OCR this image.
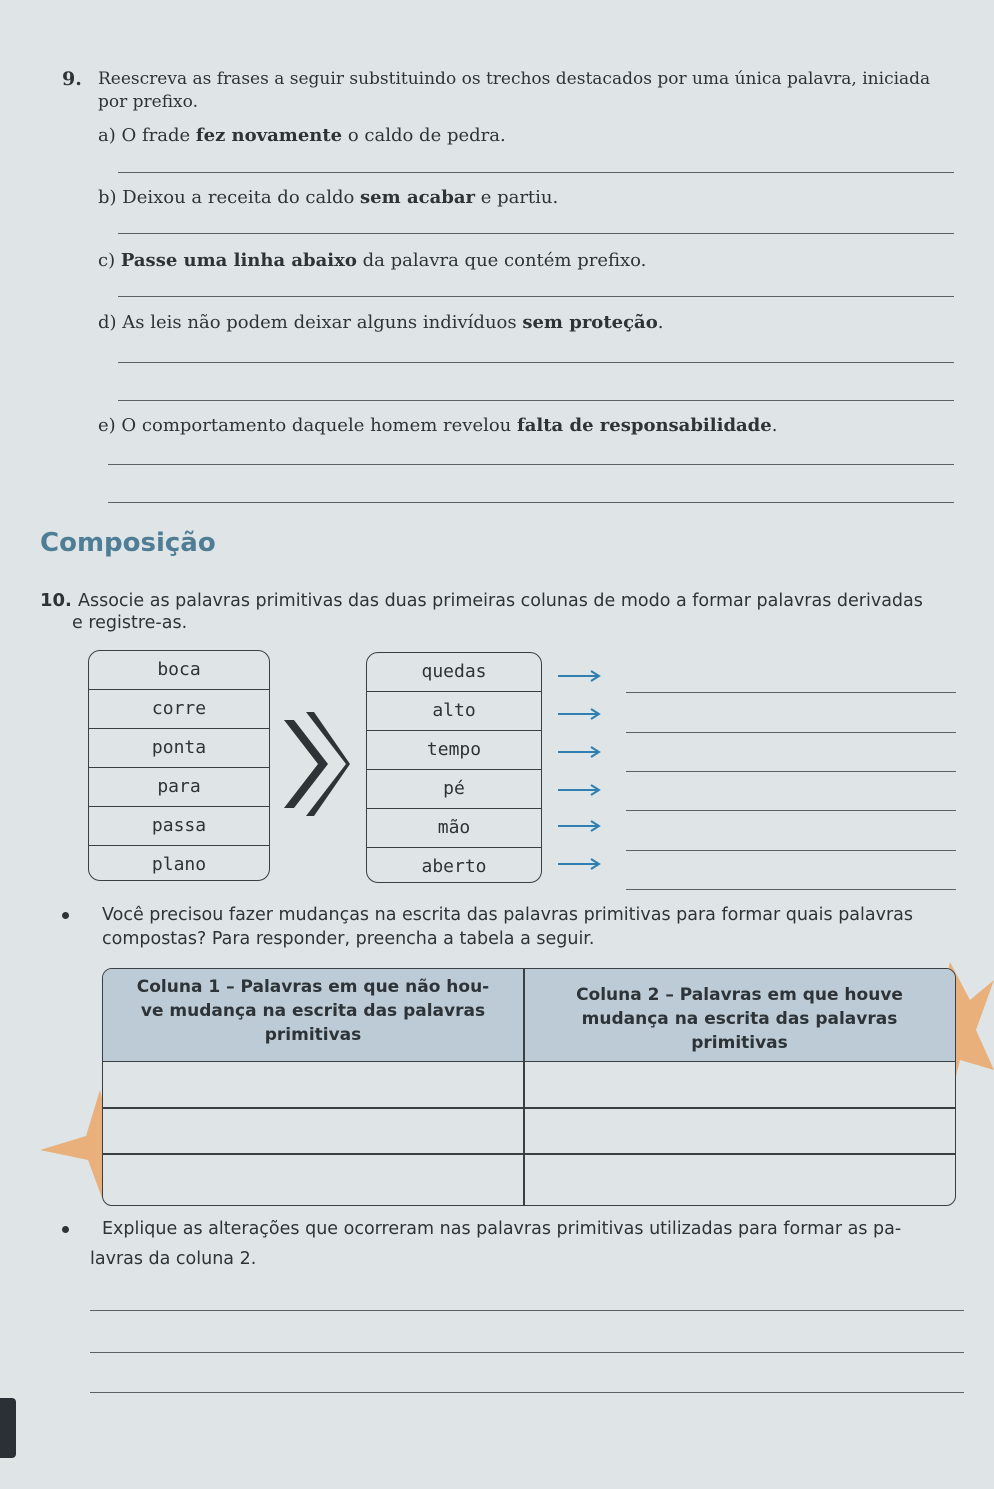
9. Reescreva as frases a seguir substituindo os trechos destacados por uma única palavra, iniciada
por prefixo.
a) O frade fez novamente o caldo de pedra.
b) Deixou a receita do caldo sem acabar e partiu.
c) Passe uma linha abaixo da palavra que contém prefixo.
d) As leis não podem deixar alguns indivíduos sem proteção.
e) O comportamento daquele homem revelou falta de responsabilidade.
Composição
10. Associe as palavras primitivas das duas primeiras colunas de modo a formar palavras derivadas
e registre-as.
boca
corre
ponta
para
passa
plano
quedas
alto
tempo
pé
mão
aberto
Você precisou fazer mudanças na escrita das palavras primitivas para formar quais palavras
compostas? Para responder, preencha a tabela a seguir.
Coluna 1 – Palavras em que não hou-
ve mudança na escrita das palavras
primitivas
Coluna 2 – Palavras em que houve
mudança na escrita das palavras
primitivas
Explique as alterações que ocorreram nas palavras primitivas utilizadas para formar as pa-
lavras da coluna 2.
